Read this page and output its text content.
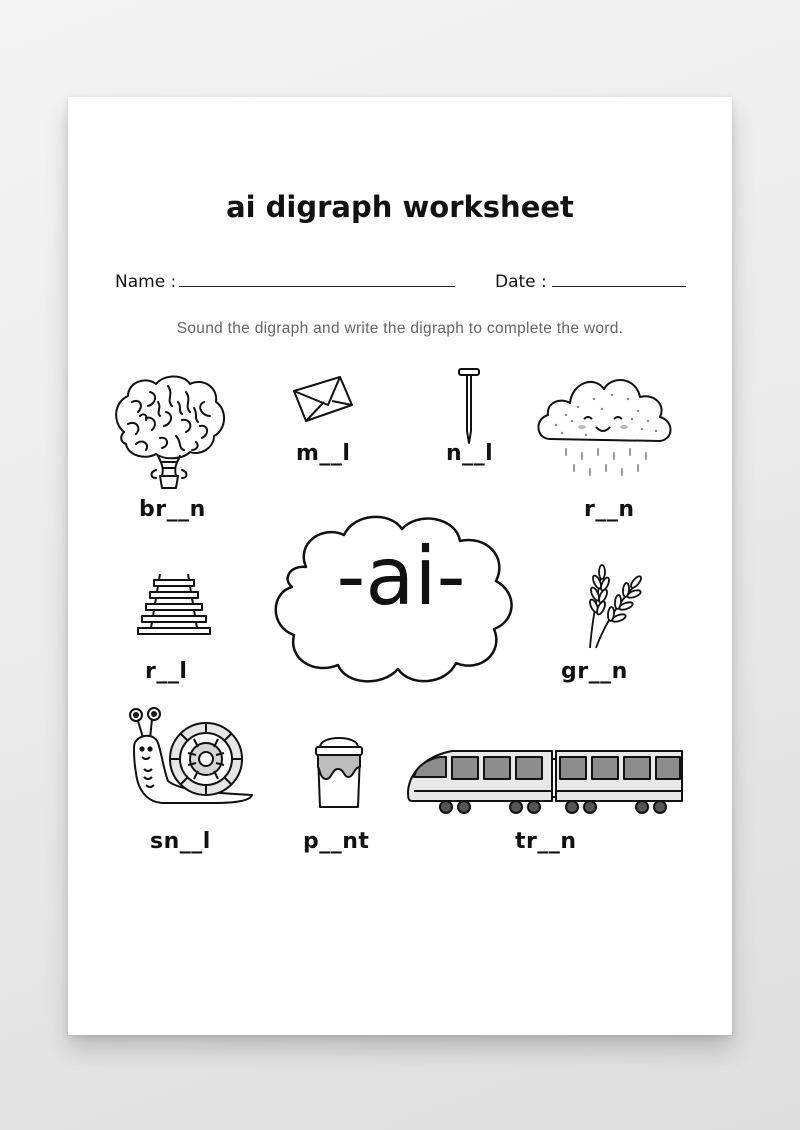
ai digraph worksheet
Name :	Date :
Sound the digraph and write the digraph to complete the word.
br__n
m__l	n__l
r__n
-ai-
r__l	gr__n
sn__l	p__nt	tr__n
